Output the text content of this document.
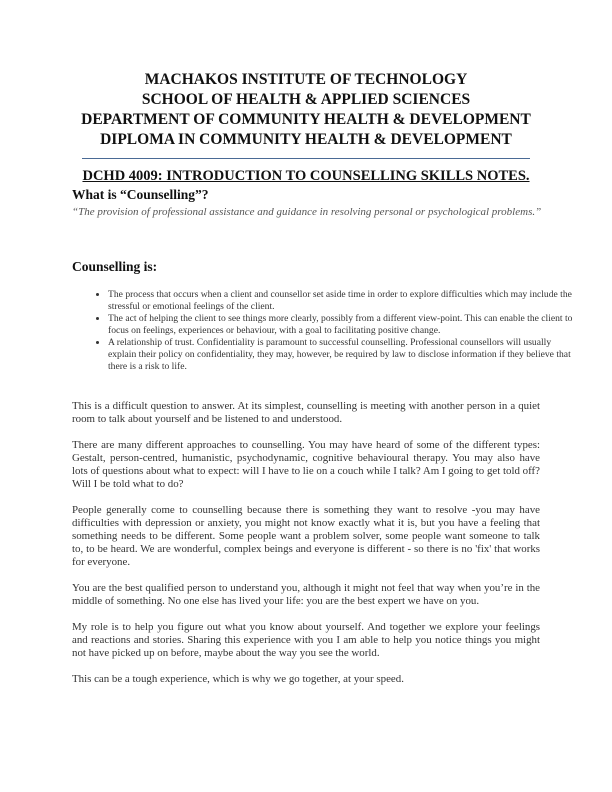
MACHAKOS INSTITUTE OF TECHNOLOGY
SCHOOL OF HEALTH & APPLIED SCIENCES
DEPARTMENT OF COMMUNITY HEALTH & DEVELOPMENT
DIPLOMA IN COMMUNITY HEALTH & DEVELOPMENT
DCHD 4009: INTRODUCTION TO COUNSELLING SKILLS NOTES.
What is “Counselling”?
“The provision of professional assistance and guidance in resolving personal or psychological problems.”
Counselling is:
• The process that occurs when a client and counsellor set aside time in order to explore difficulties which may include the stressful or emotional feelings of the client.
• The act of helping the client to see things more clearly, possibly from a different view-point. This can enable the client to focus on feelings, experiences or behaviour, with a goal to facilitating positive change.
• A relationship of trust. Confidentiality is paramount to successful counselling. Professional counsellors will usually explain their policy on confidentiality, they may, however, be required by law to disclose information if they believe that there is a risk to life.

This is a difficult question to answer. At its simplest, counselling is meeting with another person in a quiet room to talk about yourself and be listened to and understood.

There are many different approaches to counselling. You may have heard of some of the different types: Gestalt, person-centred, humanistic, psychodynamic, cognitive behavioural therapy. You may also have lots of questions about what to expect: will I have to lie on a couch while I talk? Am I going to get told off? Will I be told what to do?

People generally come to counselling because there is something they want to resolve -you may have difficulties with depression or anxiety, you might not know exactly what it is, but you have a feeling that something needs to be different. Some people want a problem solver, some people want someone to talk to, to be heard. We are wonderful, complex beings and everyone is different - so there is no 'fix' that works for everyone.

You are the best qualified person to understand you, although it might not feel that way when you’re in the middle of something. No one else has lived your life: you are the best expert we have on you.

My role is to help you figure out what you know about yourself. And together we explore your feelings and reactions and stories. Sharing this experience with you I am able to help you notice things you might not have picked up on before, maybe about the way you see the world.

This can be a tough experience, which is why we go together, at your speed.
